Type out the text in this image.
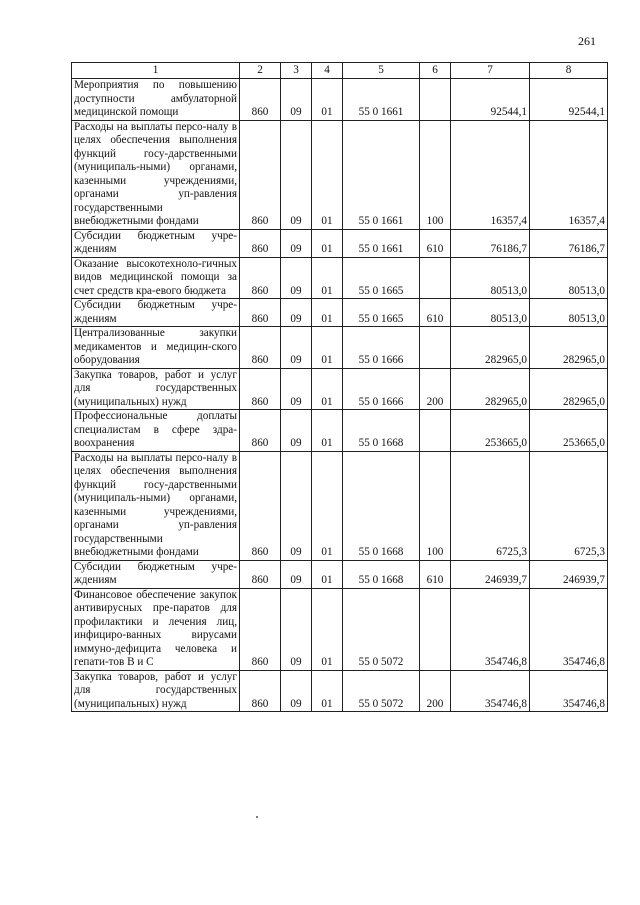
261
1	2	3	4	5	6	7	8
Мероприятия по повышению доступности амбулаторной медицинской помощи	860	09	01	55 0 1661		92544,1	92544,1
Расходы на выплаты персо-налу в целях обеспечения выполнения функций госу-дарственными (муниципаль-ными) органами, казенными учреждениями, органами уп-равления государственными внебюджетными фондами	860	09	01	55 0 1661	100	16357,4	16357,4
Субсидии бюджетным учре-ждениям	860	09	01	55 0 1661	610	76186,7	76186,7
Оказание высокотехноло-гичных видов медицинской помощи за счет средств кра-евого бюджета	860	09	01	55 0 1665		80513,0	80513,0
Субсидии бюджетным учре-ждениям	860	09	01	55 0 1665	610	80513,0	80513,0
Централизованные закупки медикаментов и медицин-ского оборудования	860	09	01	55 0 1666		282965,0	282965,0
Закупка товаров, работ и услуг для государственных (муниципальных) нужд	860	09	01	55 0 1666	200	282965,0	282965,0
Профессиональные доплаты специалистам в сфере здра-воохранения	860	09	01	55 0 1668		253665,0	253665,0
Расходы на выплаты персо-налу в целях обеспечения выполнения функций госу-дарственными (муниципаль-ными) органами, казенными учреждениями, органами уп-равления государственными внебюджетными фондами	860	09	01	55 0 1668	100	6725,3	6725,3
Субсидии бюджетным учре-ждениям	860	09	01	55 0 1668	610	246939,7	246939,7
Финансовое обеспечение закупок антивирусных пре-паратов для профилактики и лечения лиц, инфициро-ванных вирусами иммуно-дефицита человека и гепати-тов В и С	860	09	01	55 0 5072		354746,8	354746,8
Закупка товаров, работ и услуг для государственных (муниципальных) нужд	860	09	01	55 0 5072	200	354746,8	354746,8
